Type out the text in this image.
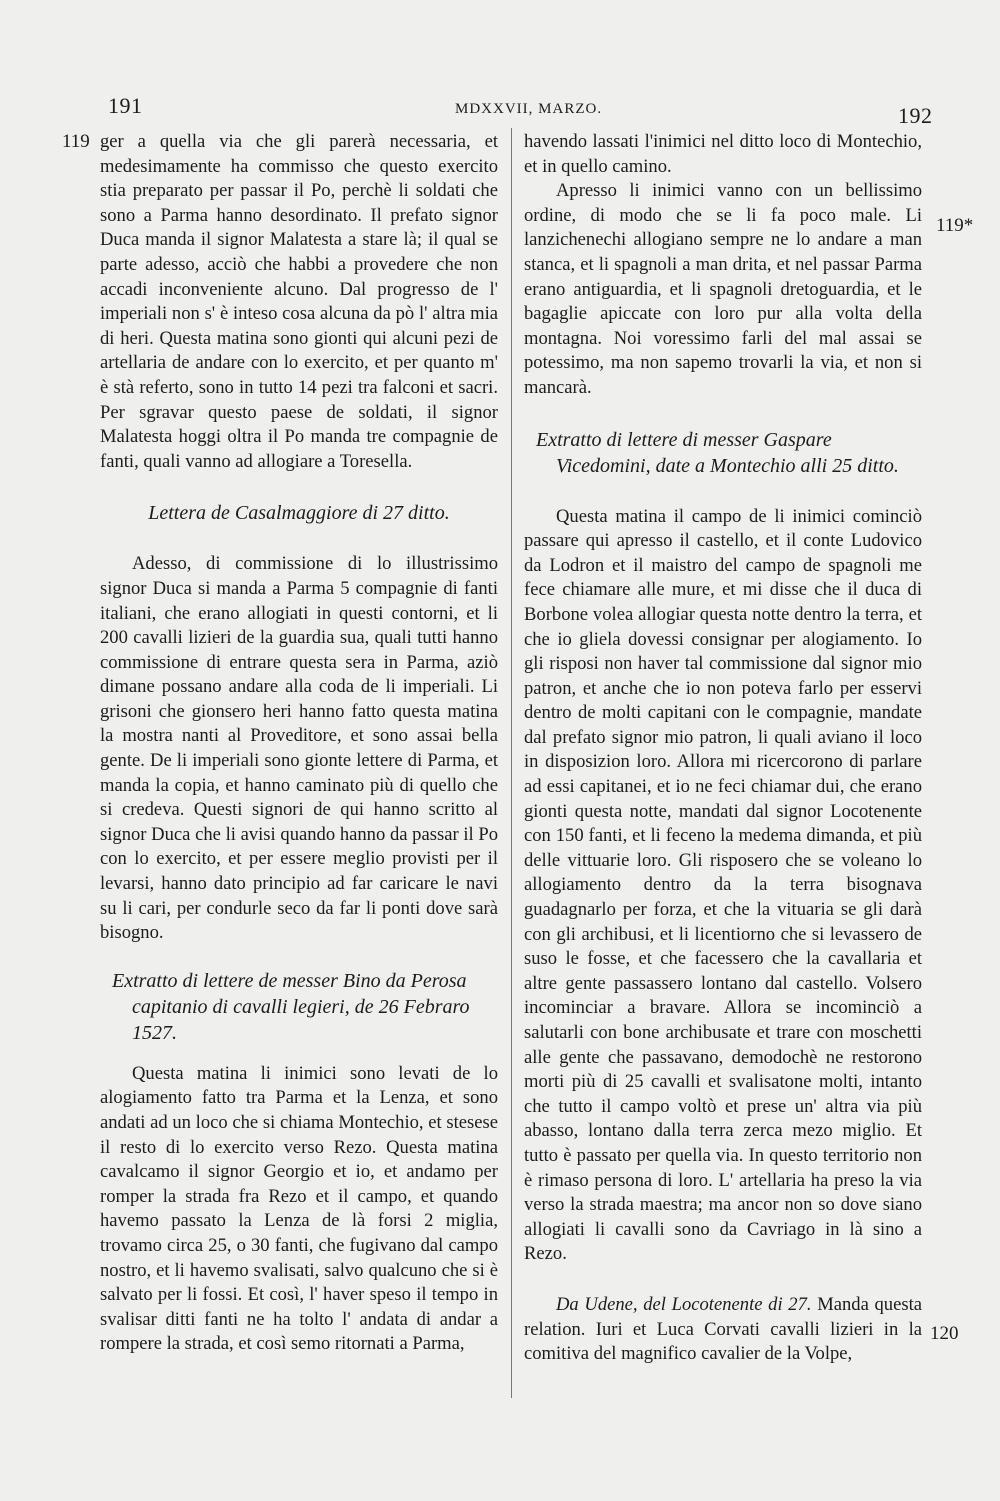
191	MDXXVII, MARZO.	192
119
119*
120

ger a quella via che gli parerà necessaria, et medesimamente ha commisso che questo exercito stia preparato per passar il Po, perchè li soldati che sono a Parma hanno desordinato. Il prefato signor Duca manda il signor Malatesta a stare là; il qual se parte adesso, acciò che habbi a provedere che non accadi inconveniente alcuno. Dal progresso de l' imperiali non s' è inteso cosa alcuna da pò l' altra mia di heri. Questa matina sono gionti qui alcuni pezi de artellaria de andare con lo exercito, et per quanto m' è stà referto, sono in tutto 14 pezi tra falconi et sacri. Per sgravar questo paese de soldati, il signor Malatesta hoggi oltra il Po manda tre compagnie de fanti, quali vanno ad allogiare a Toresella.

Lettera de Casalmaggiore di 27 ditto.

Adesso, di commissione di lo illustrissimo signor Duca si manda a Parma 5 compagnie di fanti italiani, che erano allogiati in questi contorni, et li 200 cavalli lizieri de la guardia sua, quali tutti hanno commissione di entrare questa sera in Parma, aziò dimane possano andare alla coda de li imperiali. Li grisoni che gionsero heri hanno fatto questa matina la mostra nanti al Proveditore, et sono assai bella gente. De li imperiali sono gionte lettere di Parma, et manda la copia, et hanno caminato più di quello che si credeva. Questi signori de qui hanno scritto al signor Duca che li avisi quando hanno da passar il Po con lo exercito, et per essere meglio provisti per il levarsi, hanno dato principio ad far caricare le navi su li cari, per condurle seco da far li ponti dove sarà bisogno.

Extratto di lettere de messer Bino da Perosa capitanio di cavalli legieri, de 26 Febraro 1527.

Questa matina li inimici sono levati de lo alogiamento fatto tra Parma et la Lenza, et sono andati ad un loco che si chiama Montechio, et stesese il resto di lo exercito verso Rezo. Questa matina cavalcamo il signor Georgio et io, et andamo per romper la strada fra Rezo et il campo, et quando havemo passato la Lenza de là forsi 2 miglia, trovamo circa 25, o 30 fanti, che fugivano dal campo nostro, et li havemo svalisati, salvo qualcuno che si è salvato per li fossi. Et così, l' haver speso il tempo in svalisar ditti fanti ne ha tolto l' andata di andar a rompere la strada, et così semo ritornati a Parma,

havendo lassati l'inimici nel ditto loco di Montechio, et in quello camino.

Apresso li inimici vanno con un bellissimo ordine, di modo che se li fa poco male. Li lanzichenechi allogiano sempre ne lo andare a man stanca, et li spagnoli a man drita, et nel passar Parma erano antiguardia, et li spagnoli dretoguardia, et le bagaglie apiccate con loro pur alla volta della montagna. Noi voressimo farli del mal assai se potessimo, ma non sapemo trovarli la via, et non si mancarà.

Extratto di lettere di messer Gaspare Vicedomini, date a Montechio alli 25 ditto.

Questa matina il campo de li inimici cominciò passare qui apresso il castello, et il conte Ludovico da Lodron et il maistro del campo de spagnoli me fece chiamare alle mure, et mi disse che il duca di Borbone volea allogiar questa notte dentro la terra, et che io gliela dovessi consignar per alogiamento. Io gli risposi non haver tal commissione dal signor mio patron, et anche che io non poteva farlo per esservi dentro de molti capitani con le compagnie, mandate dal prefato signor mio patron, li quali aviano il loco in disposizion loro. Allora mi ricercorono di parlare ad essi capitanei, et io ne feci chiamar dui, che erano gionti questa notte, mandati dal signor Locotenente con 150 fanti, et li feceno la medema dimanda, et più delle vittuarie loro. Gli risposero che se voleano lo allogiamento dentro da la terra bisognava guadagnarlo per forza, et che la vituaria se gli darà con gli archibusi, et li licentiorno che si levassero de suso le fosse, et che facessero che la cavallaria et altre gente passassero lontano dal castello. Volsero incominciar a bravare. Allora se incominciò a salutarli con bone archibusate et trare con moschetti alle gente che passavano, demodochè ne restorono morti più di 25 cavalli et svalisatone molti, intanto che tutto il campo voltò et prese un' altra via più abasso, lontano dalla terra zerca mezo miglio. Et tutto è passato per quella via. In questo territorio non è rimaso persona di loro. L' artellaria ha preso la via verso la strada maestra; ma ancor non so dove siano allogiati li cavalli sono da Cavriago in là sino a Rezo.

Da Udene, del Locotenente di 27. Manda questa relation. Iuri et Luca Corvati cavalli lizieri in la comitiva del magnifico cavalier de la Volpe,
